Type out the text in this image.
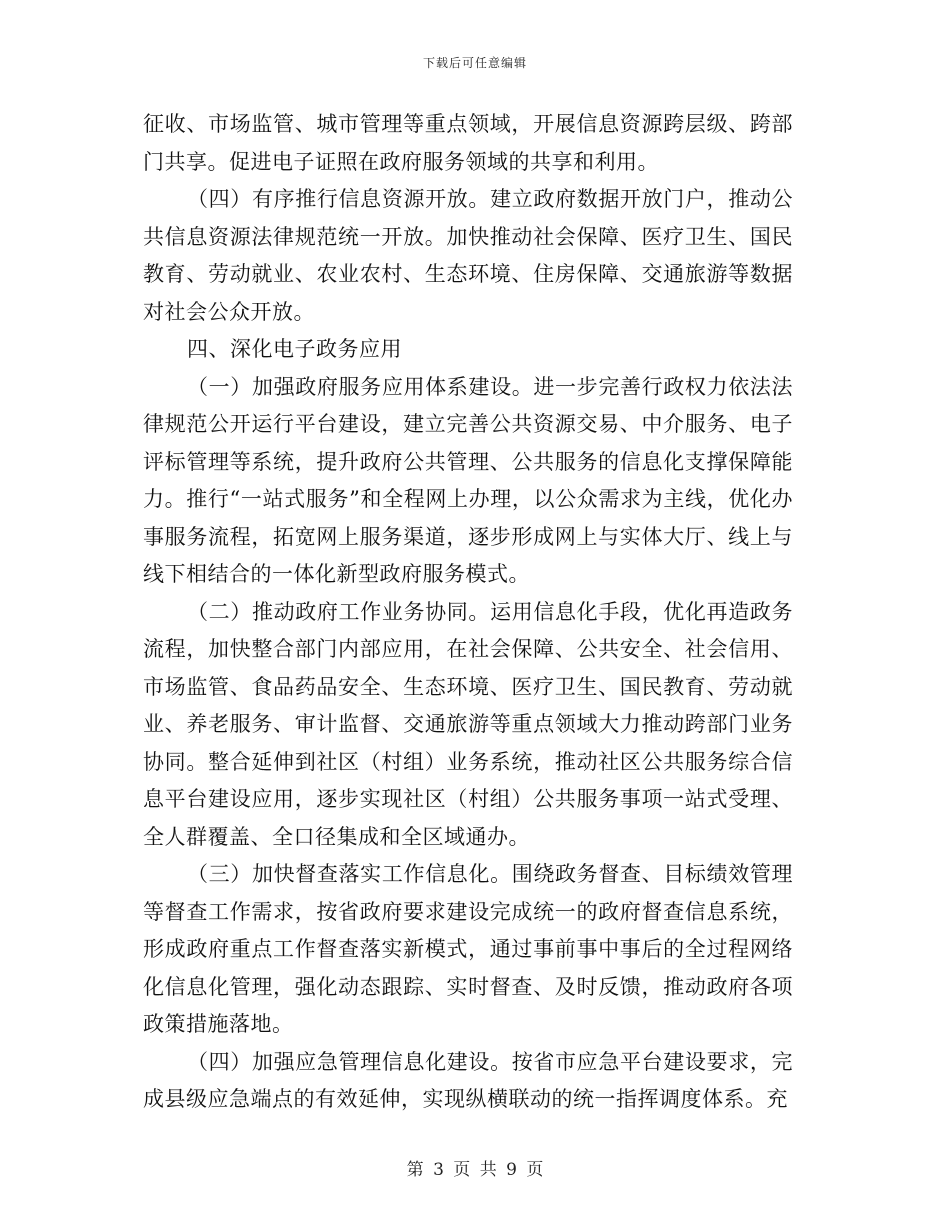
下载后可任意编辑

征收、市场监管、城市管理等重点领域，开展信息资源跨层级、跨部门共享。促进电子证照在政府服务领域的共享和利用。

（四）有序推行信息资源开放。建立政府数据开放门户，推动公共信息资源法律规范统一开放。加快推动社会保障、医疗卫生、国民教育、劳动就业、农业农村、生态环境、住房保障、交通旅游等数据对社会公众开放。

四、深化电子政务应用

（一）加强政府服务应用体系建设。进一步完善行政权力依法法律规范公开运行平台建设，建立完善公共资源交易、中介服务、电子评标管理等系统，提升政府公共管理、公共服务的信息化支撑保障能力。推行“一站式服务”和全程网上办理，以公众需求为主线，优化办事服务流程，拓宽网上服务渠道，逐步形成网上与实体大厅、线上与线下相结合的一体化新型政府服务模式。

（二）推动政府工作业务协同。运用信息化手段，优化再造政务流程，加快整合部门内部应用，在社会保障、公共安全、社会信用、市场监管、食品药品安全、生态环境、医疗卫生、国民教育、劳动就业、养老服务、审计监督、交通旅游等重点领域大力推动跨部门业务协同。整合延伸到社区（村组）业务系统，推动社区公共服务综合信息平台建设应用，逐步实现社区（村组）公共服务事项一站式受理、全人群覆盖、全口径集成和全区域通办。

（三）加快督查落实工作信息化。围绕政务督查、目标绩效管理等督查工作需求，按省政府要求建设完成统一的政府督查信息系统，形成政府重点工作督查落实新模式，通过事前事中事后的全过程网络化信息化管理，强化动态跟踪、实时督查、及时反馈，推动政府各项政策措施落地。

（四）加强应急管理信息化建设。按省市应急平台建设要求，完成县级应急端点的有效延伸，实现纵横联动的统一指挥调度体系。充

第 3 页 共 9 页
